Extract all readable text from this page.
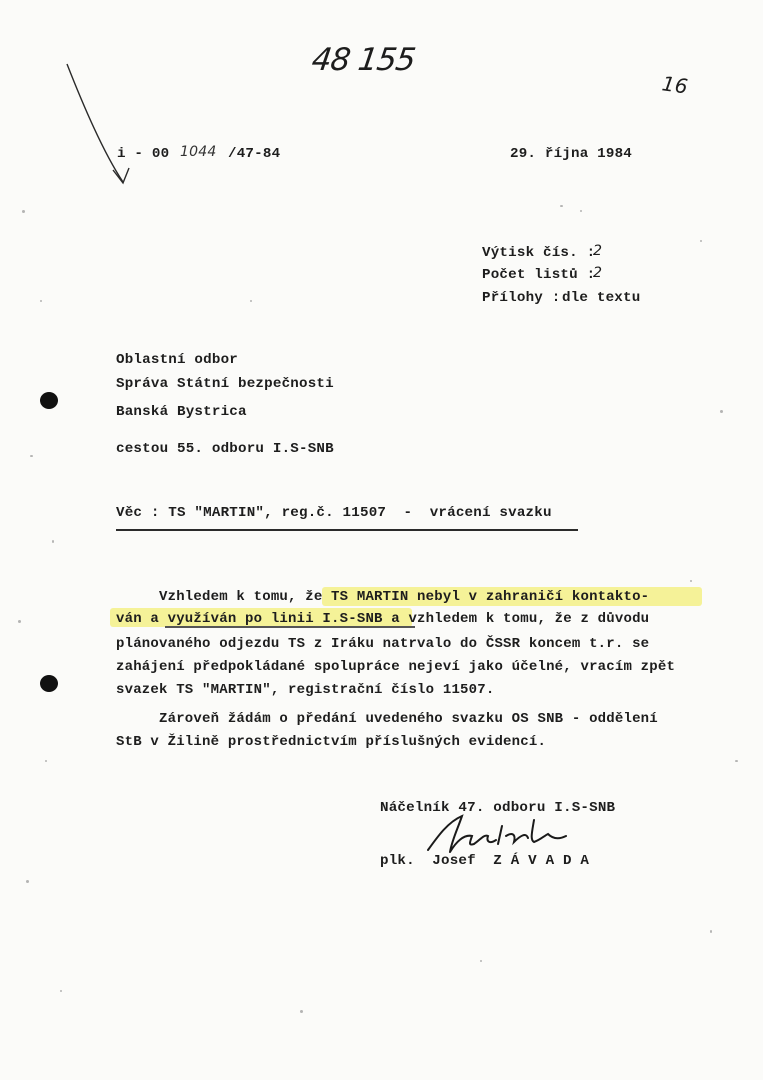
48 155
16
i - 00 1044 /47-84	29. října 1984
Výtisk čís. :
2
Počet listů :
2
Přílohy : dle textu
Oblastní odbor
Správa Státní bezpečnosti
Banská Bystrica
cestou 55. odboru I.S-SNB
Věc : TS "MARTIN", reg.č. 11507  -  vrácení svazku
Vzhledem k tomu, že TS MARTIN nebyl v zahraničí kontakto-
ván a využíván po linii I.S-SNB a vzhledem k tomu, že z důvodu
plánovaného odjezdu TS z Iráku natrvalo do ČSSR koncem t.r. se
zahájení předpokládané spolupráce nejeví jako účelné, vracím zpět
svazek TS "MARTIN", registrační číslo 11507.
Zároveň žádám o předání uvedeného svazku OS SNB - oddělení
StB v Žilině prostřednictvím příslušných evidencí.
Náčelník 47. odboru I.S-SNB
plk.  Josef  Z Á V A D A
